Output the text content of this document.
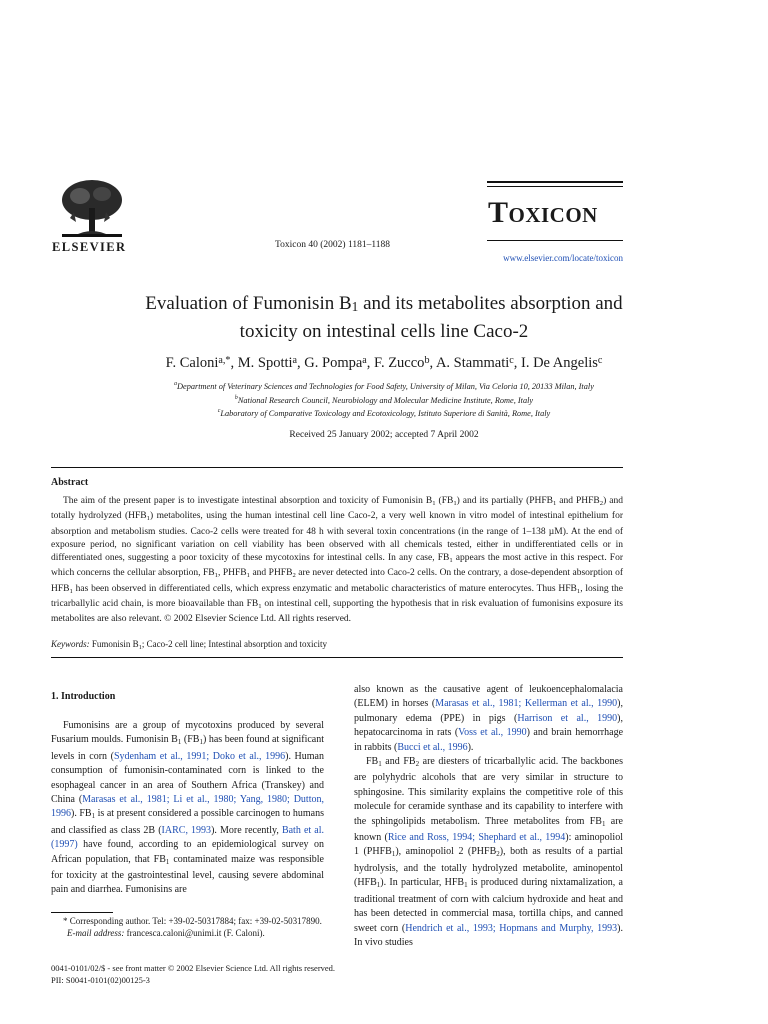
ELSEVIER	Toxicon 40 (2002) 1181–1188
Toxicon
www.elsevier.com/locate/toxicon
Evaluation of Fumonisin $B_1$ and its metabolites absorption and
toxicity on intestinal cells line Caco-2
F. Caloni$^{a,*}$, M. Spotti$^a$, G. Pompa$^a$, F. Zucco$^b$, A. Stammati$^c$, I. De Angelis$^c$
$^a$Department of Veterinary Sciences and Technologies for Food Safety, University of Milan, Via Celoria 10, 20133 Milan, Italy
$^b$National Research Council, Neurobiology and Molecular Medicine Institute, Rome, Italy
$^c$Laboratory of Comparative Toxicology and Ecotoxicology, Istituto Superiore di Sanità, Rome, Italy
Received 25 January 2002; accepted 7 April 2002
Abstract
The aim of the present paper is to investigate intestinal absorption and toxicity of Fumonisin $B_1$ $(FB_1)$ and its partially ($PHFB_1$ and $PHFB_2$) and totally hydrolyzed $(HFB_1)$ metabolites, using the human intestinal cell line Caco-2, a very well known in vitro model of intestinal epithelium for absorption and metabolism studies. Caco-2 cells were treated for 48 h with several toxin concentrations (in the range of 1–138 µM). At the end of exposure period, no significant variation on cell viability has been observed with all chemicals tested, either in undifferentiated cells or in differentiated ones, suggesting a poor toxicity of these mycotoxins for intestinal cells. In any case, $FB_1$ appears the most active in this respect. For which concerns the cellular absorption, $FB_1$, $PHFB_1$ and $PHFB_2$ are never detected into Caco-2 cells. On the contrary, a dose-dependent absorption of $HFB_1$ has been observed in differentiated cells, which express enzymatic and metabolic characteristics of mature enterocytes. Thus $HFB_1$, losing the tricarballylic acid chain, is more bioavailable than $FB_1$ on intestinal cell, supporting the hypothesis that in risk evaluation of fumonisins exposure its metabolites are also relevant. © 2002 Elsevier Science Ltd. All rights reserved.
Keywords: Fumonisin $B_1$; Caco-2 cell line; Intestinal absorption and toxicity
1. Introduction
Fumonisins are a group of mycotoxins produced by several Fusarium moulds. Fumonisin $B_1$ $(FB_1)$ has been found at significant levels in corn (Sydenham et al., 1991; Doko et al., 1996). Human consumption of fumonisin-contaminated corn is linked to the esophageal cancer in an area of Southern Africa (Transkey) and China (Marasas et al., 1981; Li et al., 1980; Yang, 1980; Dutton, 1996). $FB_1$ is at present considered a possible carcinogen to humans and classified as class 2B (IARC, 1993). More recently, Bath et al. (1997) have found, according to an epidemiological survey on African population, that $FB_1$ contaminated maize was responsible for toxicity at the gastrointestinal level, causing severe abdominal pain and diarrhea. Fumonisins are

also known as the causative agent of leukoencephalomalacia (ELEM) in horses (Marasas et al., 1981; Kellerman et al., 1990), pulmonary edema (PPE) in pigs (Harrison et al., 1990), hepatocarcinoma in rats (Voss et al., 1990) and brain hemorrhage in rabbits (Bucci et al., 1996).

$FB_1$ and $FB_2$ are diesters of tricarballylic acid. The backbones are polyhydric alcohols that are very similar in structure to sphingosine. This similarity explains the competitive role of this molecule for ceramide synthase and its capability to interfere with the sphingolipids metabolism. Three metabolites from $FB_1$ are known (Rice and Ross, 1994; Shephard et al., 1994): aminopoliol 1 $(PHFB_1)$, aminopoliol 2 $(PHFB_2)$, both as results of a partial hydrolysis, and the totally hydrolyzed metabolite, aminopentol $(HFB_1)$. In particular, $HFB_1$ is produced during nixtamalization, a traditional treatment of corn with calcium hydroxide and heat and has been detected in commercial masa, tortilla chips, and canned sweet corn (Hendrich et al., 1993; Hopmans and Murphy, 1993). In vivo studies

* Corresponding author. Tel: +39-02-50317884; fax: +39-02-50317890.
E-mail address: francesca.caloni@unimi.it (F. Caloni).
0041-0101/02/$ - see front matter © 2002 Elsevier Science Ltd. All rights reserved.
PII: S0041-0101(02)00125-3
